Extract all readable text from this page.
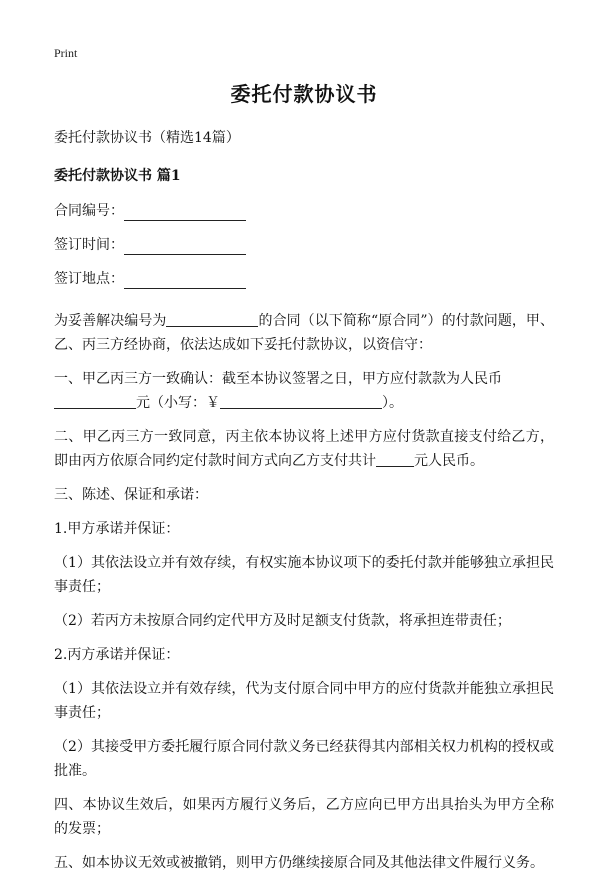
Print
委托付款协议书
委托付款协议书（精选14篇）
委托付款协议书 篇1
合同编号：
签订时间：
签订地点：

为妥善解决编号为	的合同（以下简称“原合同”）的付款问题，甲、乙、丙三方经协商，依法达成如下妥托付款协议，以资信守：

一、甲乙丙三方一致确认：截至本协议签署之日，甲方应付款款为人民币
元（小写：￥	）。

二、甲乙丙三方一致同意，丙主依本协议将上述甲方应付货款直接支付给乙方，即由丙方依原合同约定付款时间方式向乙方支付共计	元人民币。

三、陈述、保证和承诺：

1.甲方承诺并保证：

（1）其依法设立并有效存续，有权实施本协议项下的委托付款并能够独立承担民事责任；

（2）若丙方未按原合同约定代甲方及时足额支付货款，将承担连带责任；

2.丙方承诺并保证：

（1）其依法设立并有效存续，代为支付原合同中甲方的应付货款并能独立承担民事责任；

（2）其接受甲方委托履行原合同付款义务已经获得其内部相关权力机构的授权或批准。

四、本协议生效后，如果丙方履行义务后，乙方应向已甲方出具抬头为甲方全称的发票；

五、如本协议无效或被撤销，则甲方仍继续接原合同及其他法律文件履行义务。
